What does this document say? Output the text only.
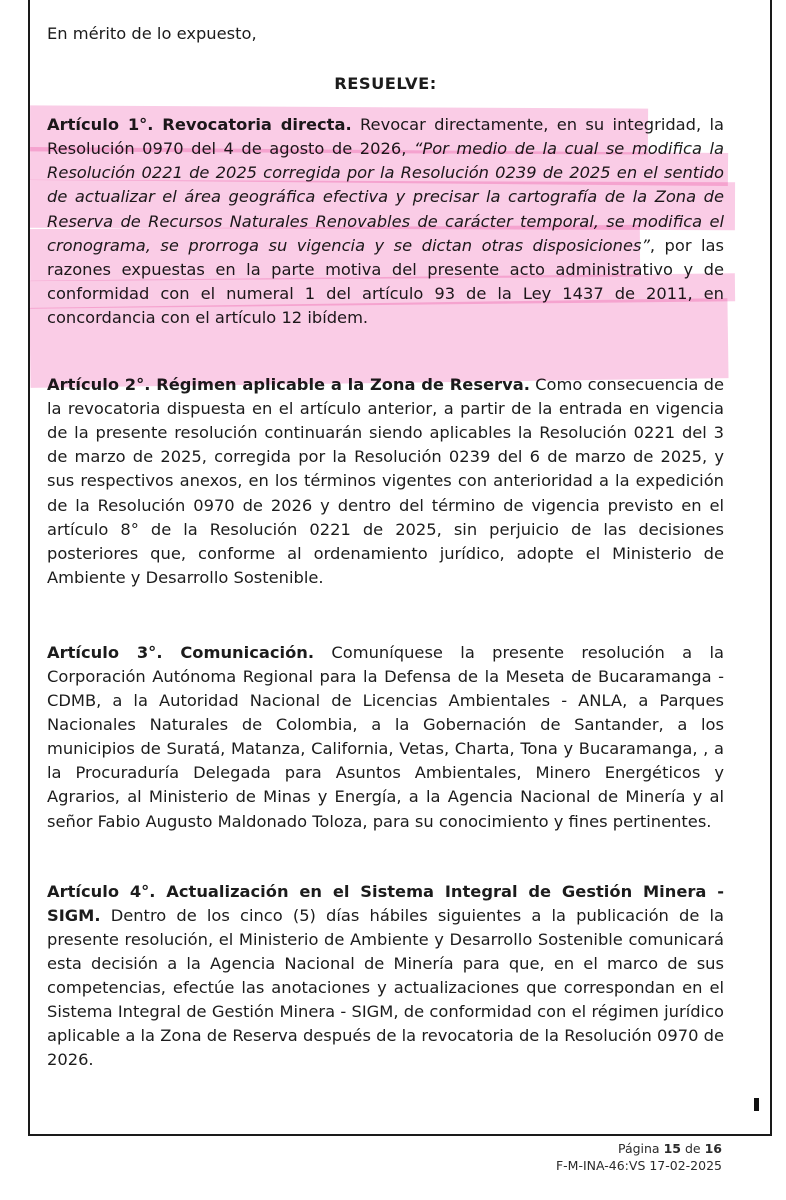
En mérito de lo expuesto,

RESUELVE:

Artículo 1°. Revocatoria directa. Revocar directamente, en su integridad, la Resolución 0970 del 4 de agosto de 2026, “Por medio de la cual se modifica la Resolución 0221 de 2025 corregida por la Resolución 0239 de 2025 en el sentido de actualizar el área geográfica efectiva y precisar la cartografía de la Zona de Reserva de Recursos Naturales Renovables de carácter temporal, se modifica el cronograma, se prorroga su vigencia y se dictan otras disposiciones”, por las razones expuestas en la parte motiva del presente acto administrativo y de conformidad con el numeral 1 del artículo 93 de la Ley 1437 de 2011, en concordancia con el artículo 12 ibídem.

Artículo 2°. Régimen aplicable a la Zona de Reserva. Como consecuencia de la revocatoria dispuesta en el artículo anterior, a partir de la entrada en vigencia de la presente resolución continuarán siendo aplicables la Resolución 0221 del 3 de marzo de 2025, corregida por la Resolución 0239 del 6 de marzo de 2025, y sus respectivos anexos, en los términos vigentes con anterioridad a la expedición de la Resolución 0970 de 2026 y dentro del término de vigencia previsto en el artículo 8° de la Resolución 0221 de 2025, sin perjuicio de las decisiones posteriores que, conforme al ordenamiento jurídico, adopte el Ministerio de Ambiente y Desarrollo Sostenible.

Artículo 3°. Comunicación. Comuníquese la presente resolución a la Corporación Autónoma Regional para la Defensa de la Meseta de Bucaramanga - CDMB, a la Autoridad Nacional de Licencias Ambientales - ANLA, a Parques Nacionales Naturales de Colombia, a la Gobernación de Santander, a los municipios de Suratá, Matanza, California, Vetas, Charta, Tona y Bucaramanga, , a la Procuraduría Delegada para Asuntos Ambientales, Minero Energéticos y Agrarios, al Ministerio de Minas y Energía, a la Agencia Nacional de Minería y al señor Fabio Augusto Maldonado Toloza, para su conocimiento y fines pertinentes.

Artículo 4°. Actualización en el Sistema Integral de Gestión Minera - SIGM. Dentro de los cinco (5) días hábiles siguientes a la publicación de la presente resolución, el Ministerio de Ambiente y Desarrollo Sostenible comunicará esta decisión a la Agencia Nacional de Minería para que, en el marco de sus competencias, efectúe las anotaciones y actualizaciones que correspondan en el Sistema Integral de Gestión Minera - SIGM, de conformidad con el régimen jurídico aplicable a la Zona de Reserva después de la revocatoria de la Resolución 0970 de 2026.

Página 15 de 16
F-M-INA-46:VS 17-02-2025
